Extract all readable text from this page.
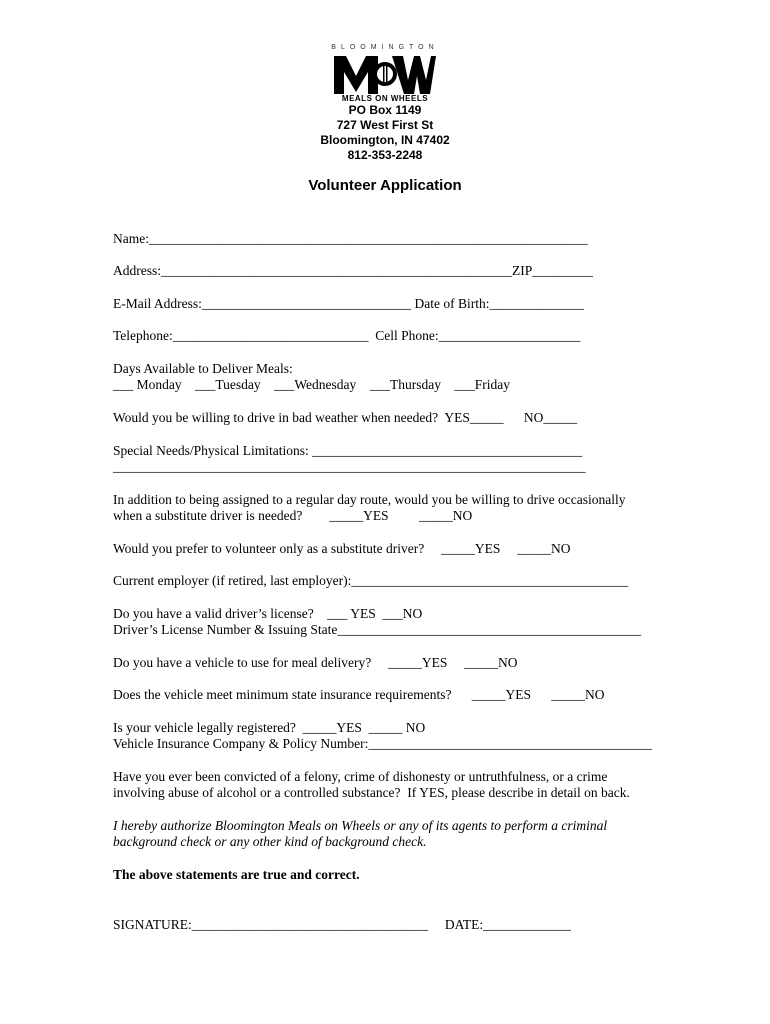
BLOOMINGTON
MEALS ON WHEELS
PO Box 1149
727 West First St
Bloomington, IN 47402
812-353-2248
Volunteer Application
Name:_________________________________________________________________
Address:____________________________________________________ZIP_________
E-Mail Address:_______________________________ Date of Birth:______________
Telephone:_____________________________  Cell Phone:_____________________
Days Available to Deliver Meals:
___ Monday    ___Tuesday    ___Wednesday    ___Thursday    ___Friday
Would you be willing to drive in bad weather when needed?  YES_____      NO_____
Special Needs/Physical Limitations: ________________________________________
______________________________________________________________________
In addition to being assigned to a regular day route, would you be willing to drive occasionally
when a substitute driver is needed?        _____YES         _____NO
Would you prefer to volunteer only as a substitute driver?     _____YES     _____NO
Current employer (if retired, last employer):_________________________________________
Do you have a valid driver’s license?    ___ YES  ___NO
Driver’s License Number & Issuing State_____________________________________________
Do you have a vehicle to use for meal delivery?     _____YES     _____NO
Does the vehicle meet minimum state insurance requirements?      _____YES      _____NO
Is your vehicle legally registered?  _____YES  _____ NO
Vehicle Insurance Company & Policy Number:__________________________________________
Have you ever been convicted of a felony, crime of dishonesty or untruthfulness, or a crime
involving abuse of alcohol or a controlled substance?  If YES, please describe in detail on back.
I hereby authorize Bloomington Meals on Wheels or any of its agents to perform a criminal
background check or any other kind of background check.
The above statements are true and correct.
SIGNATURE:___________________________________     DATE:_____________
